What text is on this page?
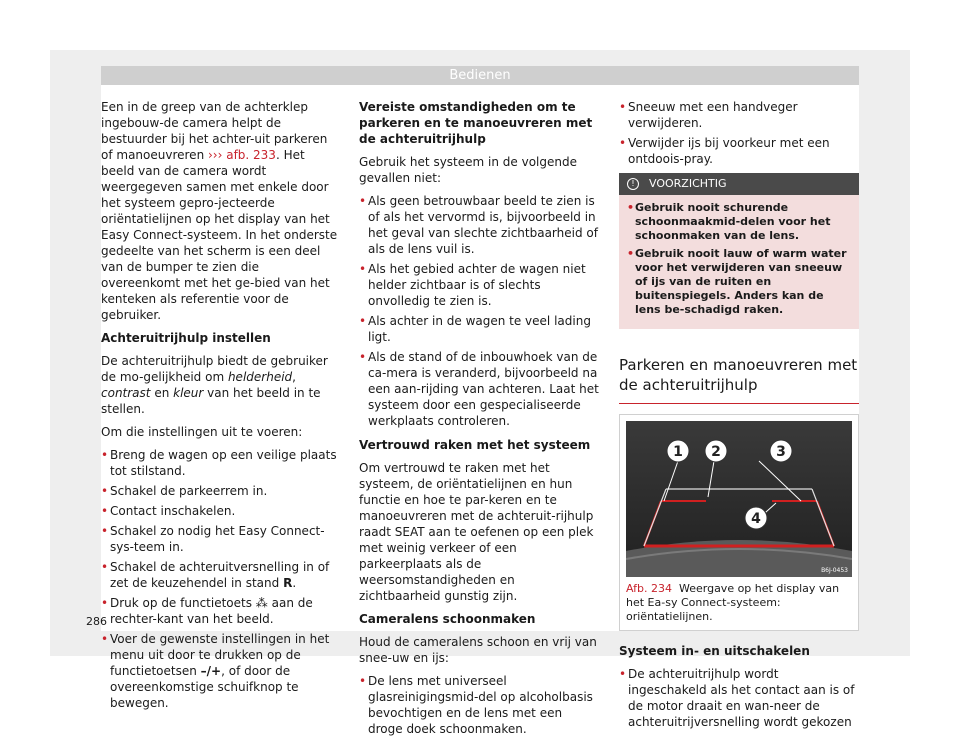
Bedienen

Een in de greep van de achterklep ingebouw-de camera helpt de bestuurder bij het achter-uit parkeren of manoeuvreren ››› afb. 233. Het beeld van de camera wordt weergegeven samen met enkele door het systeem gepro-jecteerde oriëntatielijnen op het display van het Easy Connect-systeem. In het onderste gedeelte van het scherm is een deel van de bumper te zien die overeenkomt met het ge-bied van het kenteken als referentie voor de gebruiker.

Achteruitrijhulp instellen

De achteruitrijhulp biedt de gebruiker de mo-gelijkheid om helderheid, contrast en kleur van het beeld in te stellen.

Om die instellingen uit te voeren:

• Breng de wagen op een veilige plaats tot stilstand.
• Schakel de parkeerrem in.
• Contact inschakelen.
• Schakel zo nodig het Easy Connect-sys-teem in.
• Schakel de achteruitversnelling in of zet de keuzehendel in stand R.
• Druk op de functietoets ⁂ aan de rechter-kant van het beeld.
• Voer de gewenste instellingen in het menu uit door te drukken op de functietoetsen –/+, of door de overeenkomstige schuifknop te bewegen.

Vereiste omstandigheden om te parkeren en te manoeuvreren met de achteruitrijhulp

Gebruik het systeem in de volgende gevallen niet:

• Als geen betrouwbaar beeld te zien is of als het vervormd is, bijvoorbeeld in het geval van slechte zichtbaarheid of als de lens vuil is.
• Als het gebied achter de wagen niet helder zichtbaar is of slechts onvolledig te zien is.
• Als achter in de wagen te veel lading ligt.
• Als de stand of de inbouwhoek van de ca-mera is veranderd, bijvoorbeeld na een aan-rijding van achteren. Laat het systeem door een gespecialiseerde werkplaats controleren.

Vertrouwd raken met het systeem

Om vertrouwd te raken met het systeem, de oriëntatielijnen en hun functie en hoe te par-keren en te manoeuvreren met de achteruit-rijhulp raadt SEAT aan te oefenen op een plek met weinig verkeer of een parkeerplaats als de weersomstandigheden en zichtbaarheid gunstig zijn.

Cameralens schoonmaken

Houd de cameralens schoon en vrij van snee-uw en ijs:

• De lens met universeel glasreinigingsmid-del op alcoholbasis bevochtigen en de lens met een droge doek schoonmaken.
• Sneeuw met een handveger verwijderen.
• Verwijder ijs bij voorkeur met een ontdoois-pray.
! VOORZICHTIG
• Gebruik nooit schurende schoonmaakmid-delen voor het schoonmaken van de lens.
• Gebruik nooit lauw of warm water voor het verwijderen van sneeuw of ijs van de ruiten en buitenspiegels. Anders kan de lens be-schadigd raken.
Parkeren en manoeuvreren met de achteruitrijhulp
1 2	3
4
B6J-0453
Afb. 234 Weergave op het display van het Ea-sy Connect-systeem: oriëntatielijnen.

Systeem in- en uitschakelen

• De achteruitrijhulp wordt ingeschakeld als het contact aan is of de motor draait en wan-neer de achteruitrijversnelling wordt gekozen
286
